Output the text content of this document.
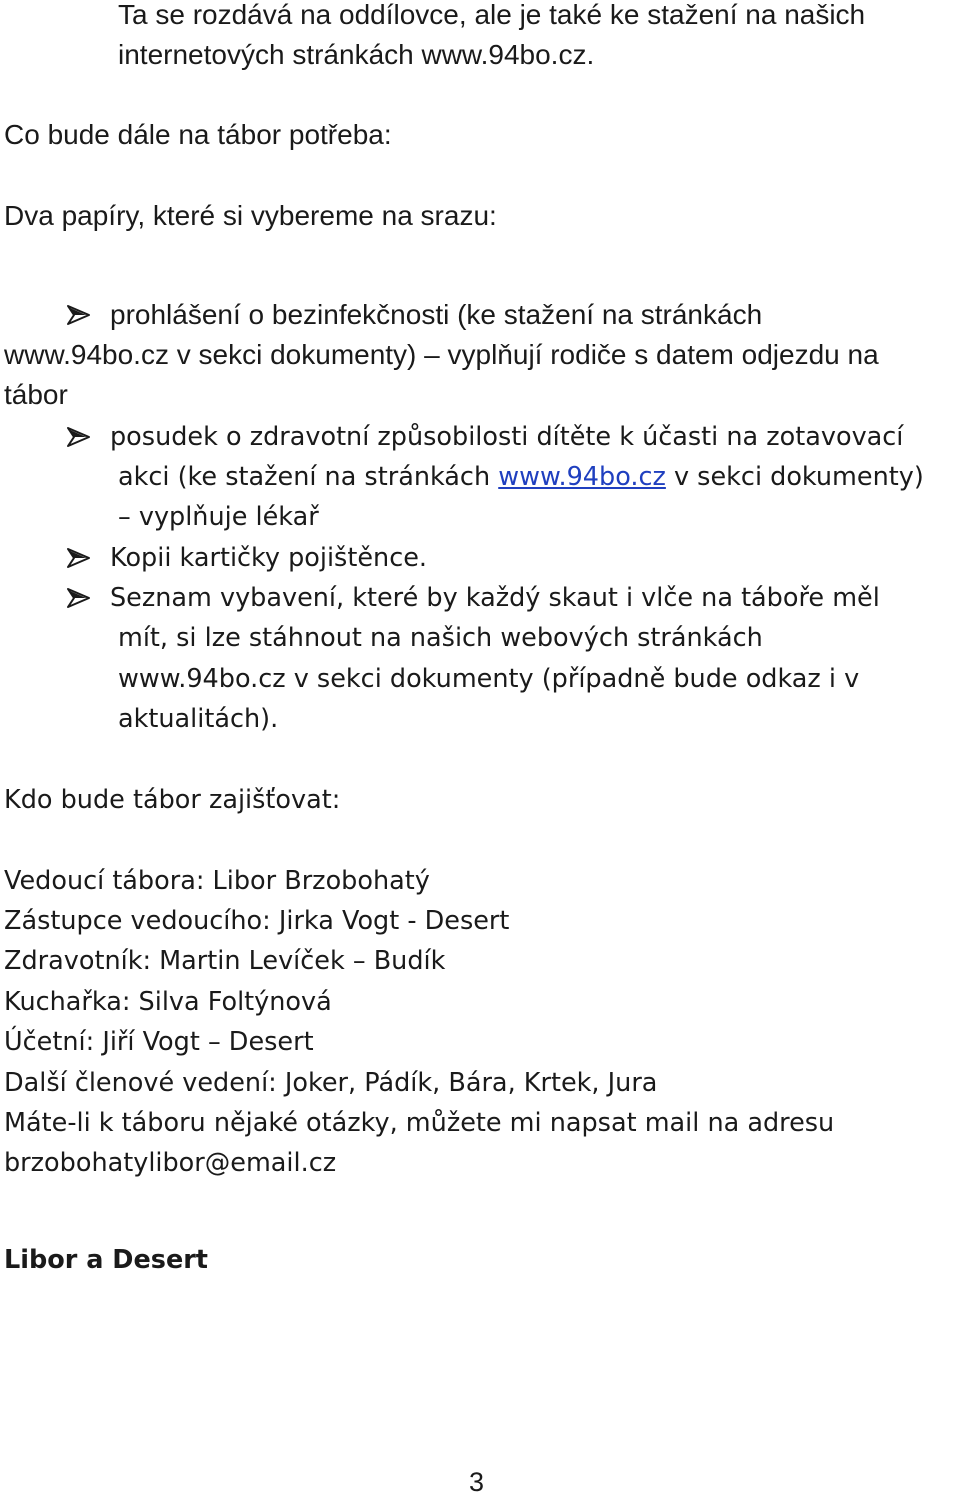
Ta se rozdává na oddílovce, ale je také ke stažení na našich
internetových stránkách www.94bo.cz.
Co bude dále na tábor potřeba:
Dva papíry, které si vybereme na srazu:
prohlášení o bezinfekčnosti (ke stažení na stránkách
www.94bo.cz v sekci dokumenty) – vyplňují rodiče s datem odjezdu na
tábor
posudek o zdravotní způsobilosti dítěte k účasti na zotavovací
akci (ke stažení na stránkách www.94bo.cz v sekci dokumenty)
– vyplňuje lékař
Kopii kartičky pojištěnce.
Seznam vybavení, které by každý skaut i vlče na táboře měl
mít, si lze stáhnout na našich webových stránkách
www.94bo.cz v sekci dokumenty (případně bude odkaz i v
aktualitách).
Kdo bude tábor zajišťovat:
Vedoucí tábora: Libor Brzobohatý
Zástupce vedoucího: Jirka Vogt - Desert
Zdravotník: Martin Levíček – Budík
Kuchařka: Silva Foltýnová
Účetní: Jiří Vogt – Desert
Další členové vedení: Joker, Pádík, Bára, Krtek, Jura
Máte-li k táboru nějaké otázky, můžete mi napsat mail na adresu
brzobohatylibor@email.cz
Libor a Desert
3
